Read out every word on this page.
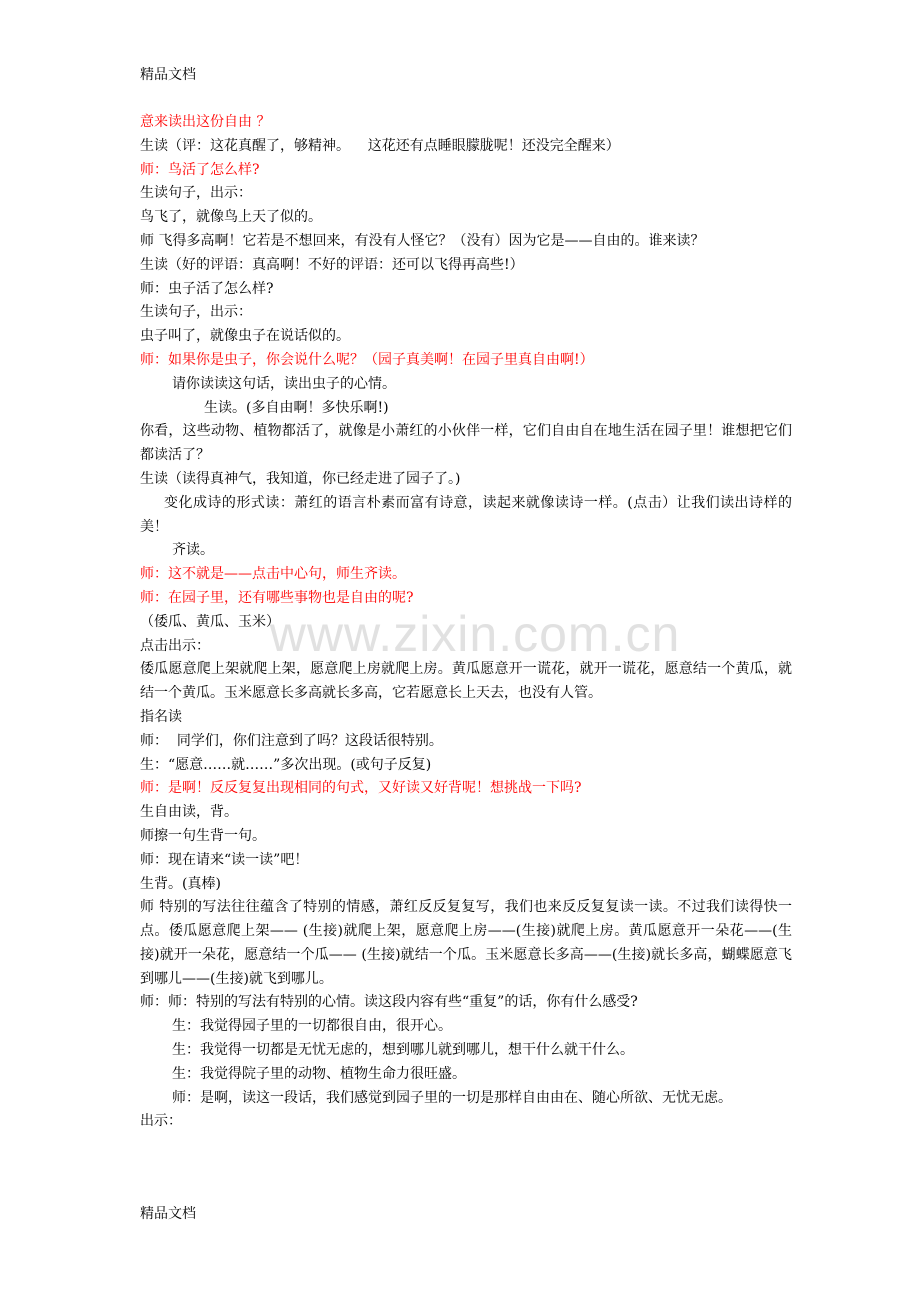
精品文档
www.zixin.com.cn

意来读出这份自由 ？

生读（评：这花真醒了，够精神。    这花还有点睡眼朦胧呢！还没完全醒来）

师：鸟活了怎么样?

生读句子，出示：

鸟飞了，就像鸟上天了似的。

师 飞得多高啊！它若是不想回来，有没有人怪它？（没有）因为它是——自由的。谁来读？

生读（好的评语：真高啊！不好的评语：还可以飞得再高些!）

师：虫子活了怎么样?

生读句子，出示：

虫子叫了，就像虫子在说话似的。

师：如果你是虫子，你会说什么呢？（园子真美啊！在园子里真自由啊!）

请你读读这句话，读出虫子的心情。

生读。(多自由啊！多快乐啊!)

你看，这些动物、植物都活了，就像是小萧红的小伙伴一样，它们自由自在地生活在园子里！谁想把它们都读活了？

生读（读得真神气，我知道，你已经走进了园子了。)

变化成诗的形式读：萧红的语言朴素而富有诗意，读起来就像读诗一样。(点击）让我们读出诗样的美！

齐读。

师：这不就是——点击中心句，师生齐读。

师：在园子里，还有哪些事物也是自由的呢?

（倭瓜、黄瓜、玉米）

点击出示：

倭瓜愿意爬上架就爬上架，愿意爬上房就爬上房。黄瓜愿意开一谎花，就开一谎花，愿意结一个黄瓜，就结一个黄瓜。玉米愿意长多高就长多高，它若愿意长上天去，也没有人管。

指名读

师：  同学们，你们注意到了吗？这段话很特别。

生：“愿意……就……”多次出现。(或句子反复)

师：是啊！反反复复出现相同的句式，又好读又好背呢！想挑战一下吗?

生自由读，背。

师擦一句生背一句。

师：现在请来“读一读”吧！

生背。(真棒)

师 特别的写法往往蕴含了特别的情感，萧红反反复复写，我们也来反反复复读一读。不过我们读得快一点。倭瓜愿意爬上架—— (生接)就爬上架，愿意爬上房——(生接)就爬上房。黄瓜愿意开一朵花——(生接)就开一朵花，愿意结一个瓜—— (生接)就结一个瓜。玉米愿意长多高——(生接)就长多高，蝴蝶愿意飞到哪儿——(生接)就飞到哪儿。

师：师：特别的写法有特别的心情。读这段内容有些“重复”的话，你有什么感受?

生：我觉得园子里的一切都很自由，很开心。

生：我觉得一切都是无忧无虑的，想到哪儿就到哪儿，想干什么就干什么。

生：我觉得院子里的动物、植物生命力很旺盛。

师：是啊，读这一段话，我们感觉到园子里的一切是那样自由由在、随心所欲、无忧无虑。

出示：

精品文档
